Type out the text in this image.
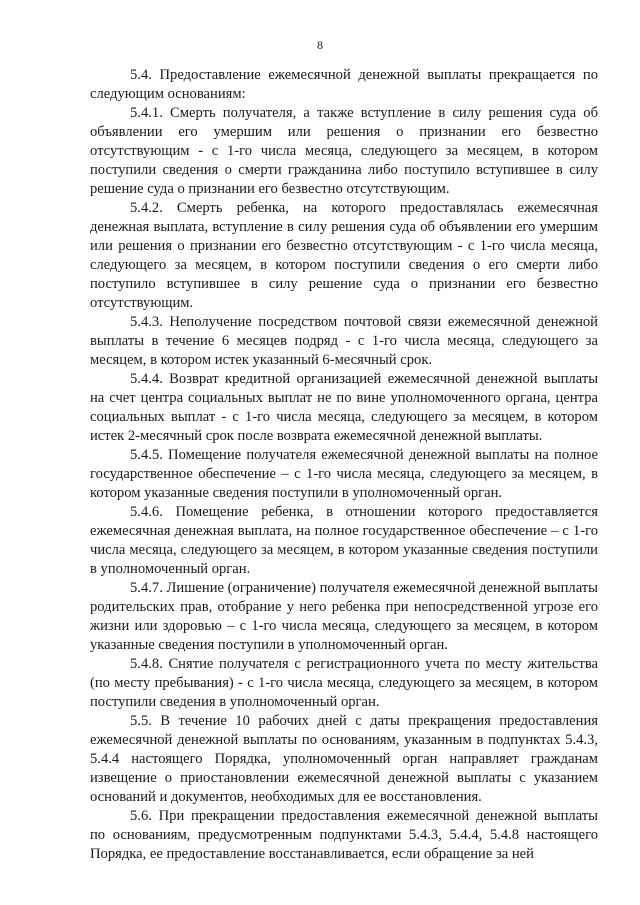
8

5.4. Предоставление ежемесячной денежной выплаты прекращается по следующим основаниям:

5.4.1. Смерть получателя, а также вступление в силу решения суда об объявлении его умершим или решения о признании его безвестно отсутствующим - с 1-го числа месяца, следующего за месяцем, в котором поступили сведения о смерти гражданина либо поступило вступившее в силу решение суда о признании его безвестно отсутствующим.

5.4.2. Смерть ребенка, на которого предоставлялась ежемесячная денежная выплата, вступление в силу решения суда об объявлении его умершим или решения о признании его безвестно отсутствующим - с 1-го числа месяца, следующего за месяцем, в котором поступили сведения о его смерти либо поступило вступившее в силу решение суда о признании его безвестно отсутствующим.

5.4.3. Неполучение посредством почтовой связи ежемесячной денежной выплаты в течение 6 месяцев подряд - с 1-го числа месяца, следующего за месяцем, в котором истек указанный 6-месячный срок.

5.4.4. Возврат кредитной организацией ежемесячной денежной выплаты на счет центра социальных выплат не по вине уполномоченного органа, центра социальных выплат - с 1-го числа месяца, следующего за месяцем, в котором истек 2-месячный срок после возврата ежемесячной денежной выплаты.

5.4.5. Помещение получателя ежемесячной денежной выплаты на полное государственное обеспечение – с 1-го числа месяца, следующего за месяцем, в котором указанные сведения поступили в уполномоченный орган.

5.4.6. Помещение ребенка, в отношении которого предоставляется ежемесячная денежная выплата, на полное государственное обеспечение – с 1-го числа месяца, следующего за месяцем, в котором указанные сведения поступили в уполномоченный орган.

5.4.7. Лишение (ограничение) получателя ежемесячной денежной выплаты родительских прав, отобрание у него ребенка при непосредственной угрозе его жизни или здоровью – с 1-го числа месяца, следующего за месяцем, в котором указанные сведения поступили в уполномоченный орган.

5.4.8. Снятие получателя с регистрационного учета по месту жительства (по месту пребывания) - с 1-го числа месяца, следующего за месяцем, в котором поступили сведения в уполномоченный орган.

5.5. В течение 10 рабочих дней с даты прекращения предоставления ежемесячной денежной выплаты по основаниям, указанным в подпунктах 5.4.3, 5.4.4 настоящего Порядка, уполномоченный орган направляет гражданам извещение о приостановлении ежемесячной денежной выплаты с указанием оснований и документов, необходимых для ее восстановления.

5.6. При прекращении предоставления ежемесячной денежной выплаты по основаниям, предусмотренным подпунктами 5.4.3, 5.4.4, 5.4.8 настоящего Порядка, ее предоставление восстанавливается, если обращение за ней
